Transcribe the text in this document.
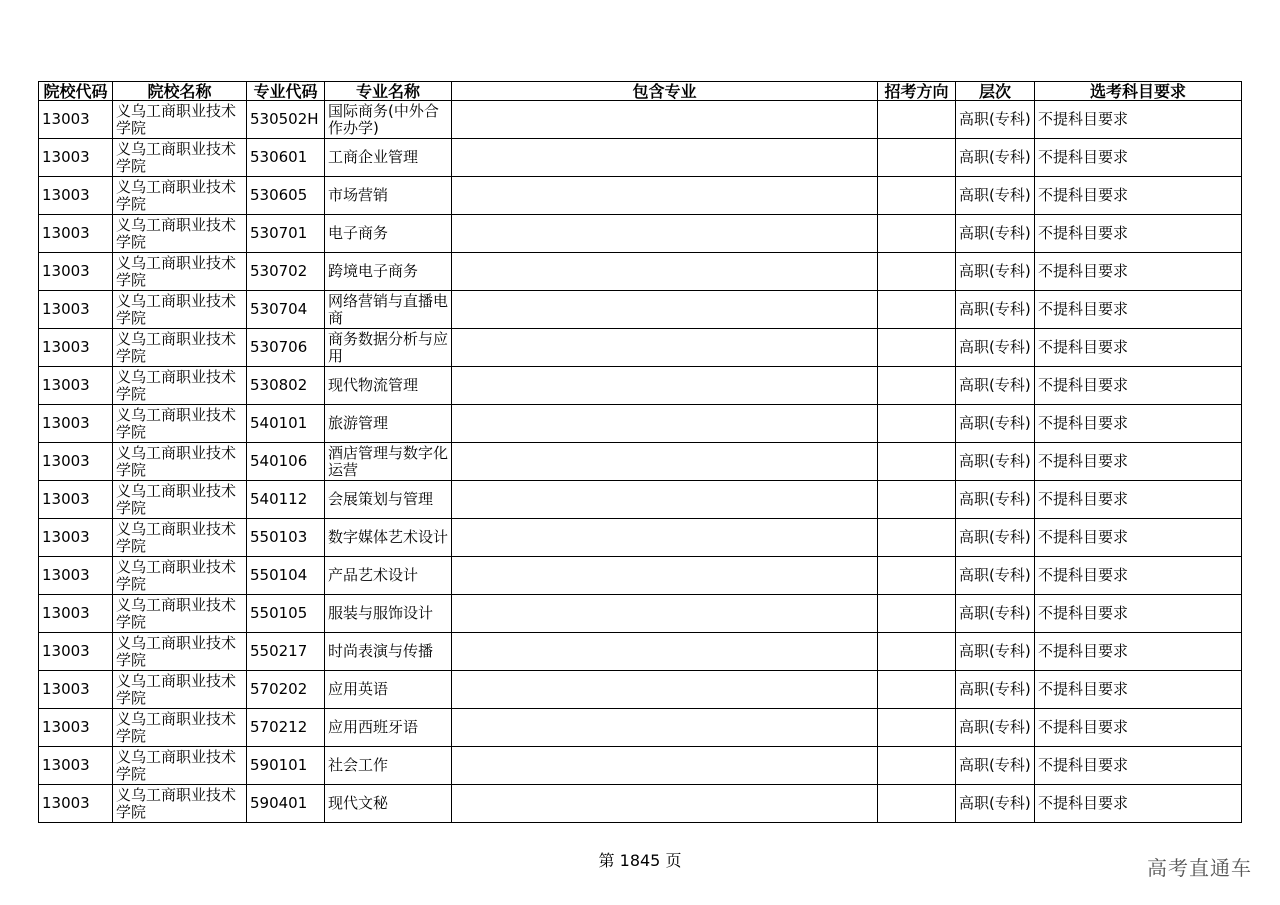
院校代码	院校名称	专业代码	专业名称	包含专业	招考方向	层次	选考科目要求
13003	义乌工商职业技术学院	530502H	国际商务(中外合作办学)			高职(专科)	不提科目要求
13003	义乌工商职业技术学院	530601	工商企业管理			高职(专科)	不提科目要求
13003	义乌工商职业技术学院	530605	市场营销			高职(专科)	不提科目要求
13003	义乌工商职业技术学院	530701	电子商务			高职(专科)	不提科目要求
13003	义乌工商职业技术学院	530702	跨境电子商务			高职(专科)	不提科目要求
13003	义乌工商职业技术学院	530704	网络营销与直播电商			高职(专科)	不提科目要求
13003	义乌工商职业技术学院	530706	商务数据分析与应用			高职(专科)	不提科目要求
13003	义乌工商职业技术学院	530802	现代物流管理			高职(专科)	不提科目要求
13003	义乌工商职业技术学院	540101	旅游管理			高职(专科)	不提科目要求
13003	义乌工商职业技术学院	540106	酒店管理与数字化运营			高职(专科)	不提科目要求
13003	义乌工商职业技术学院	540112	会展策划与管理			高职(专科)	不提科目要求
13003	义乌工商职业技术学院	550103	数字媒体艺术设计			高职(专科)	不提科目要求
13003	义乌工商职业技术学院	550104	产品艺术设计			高职(专科)	不提科目要求
13003	义乌工商职业技术学院	550105	服装与服饰设计			高职(专科)	不提科目要求
13003	义乌工商职业技术学院	550217	时尚表演与传播			高职(专科)	不提科目要求
13003	义乌工商职业技术学院	570202	应用英语			高职(专科)	不提科目要求
13003	义乌工商职业技术学院	570212	应用西班牙语			高职(专科)	不提科目要求
13003	义乌工商职业技术学院	590101	社会工作			高职(专科)	不提科目要求
13003	义乌工商职业技术学院	590401	现代文秘			高职(专科)	不提科目要求
第 1845 页	高考直通车
